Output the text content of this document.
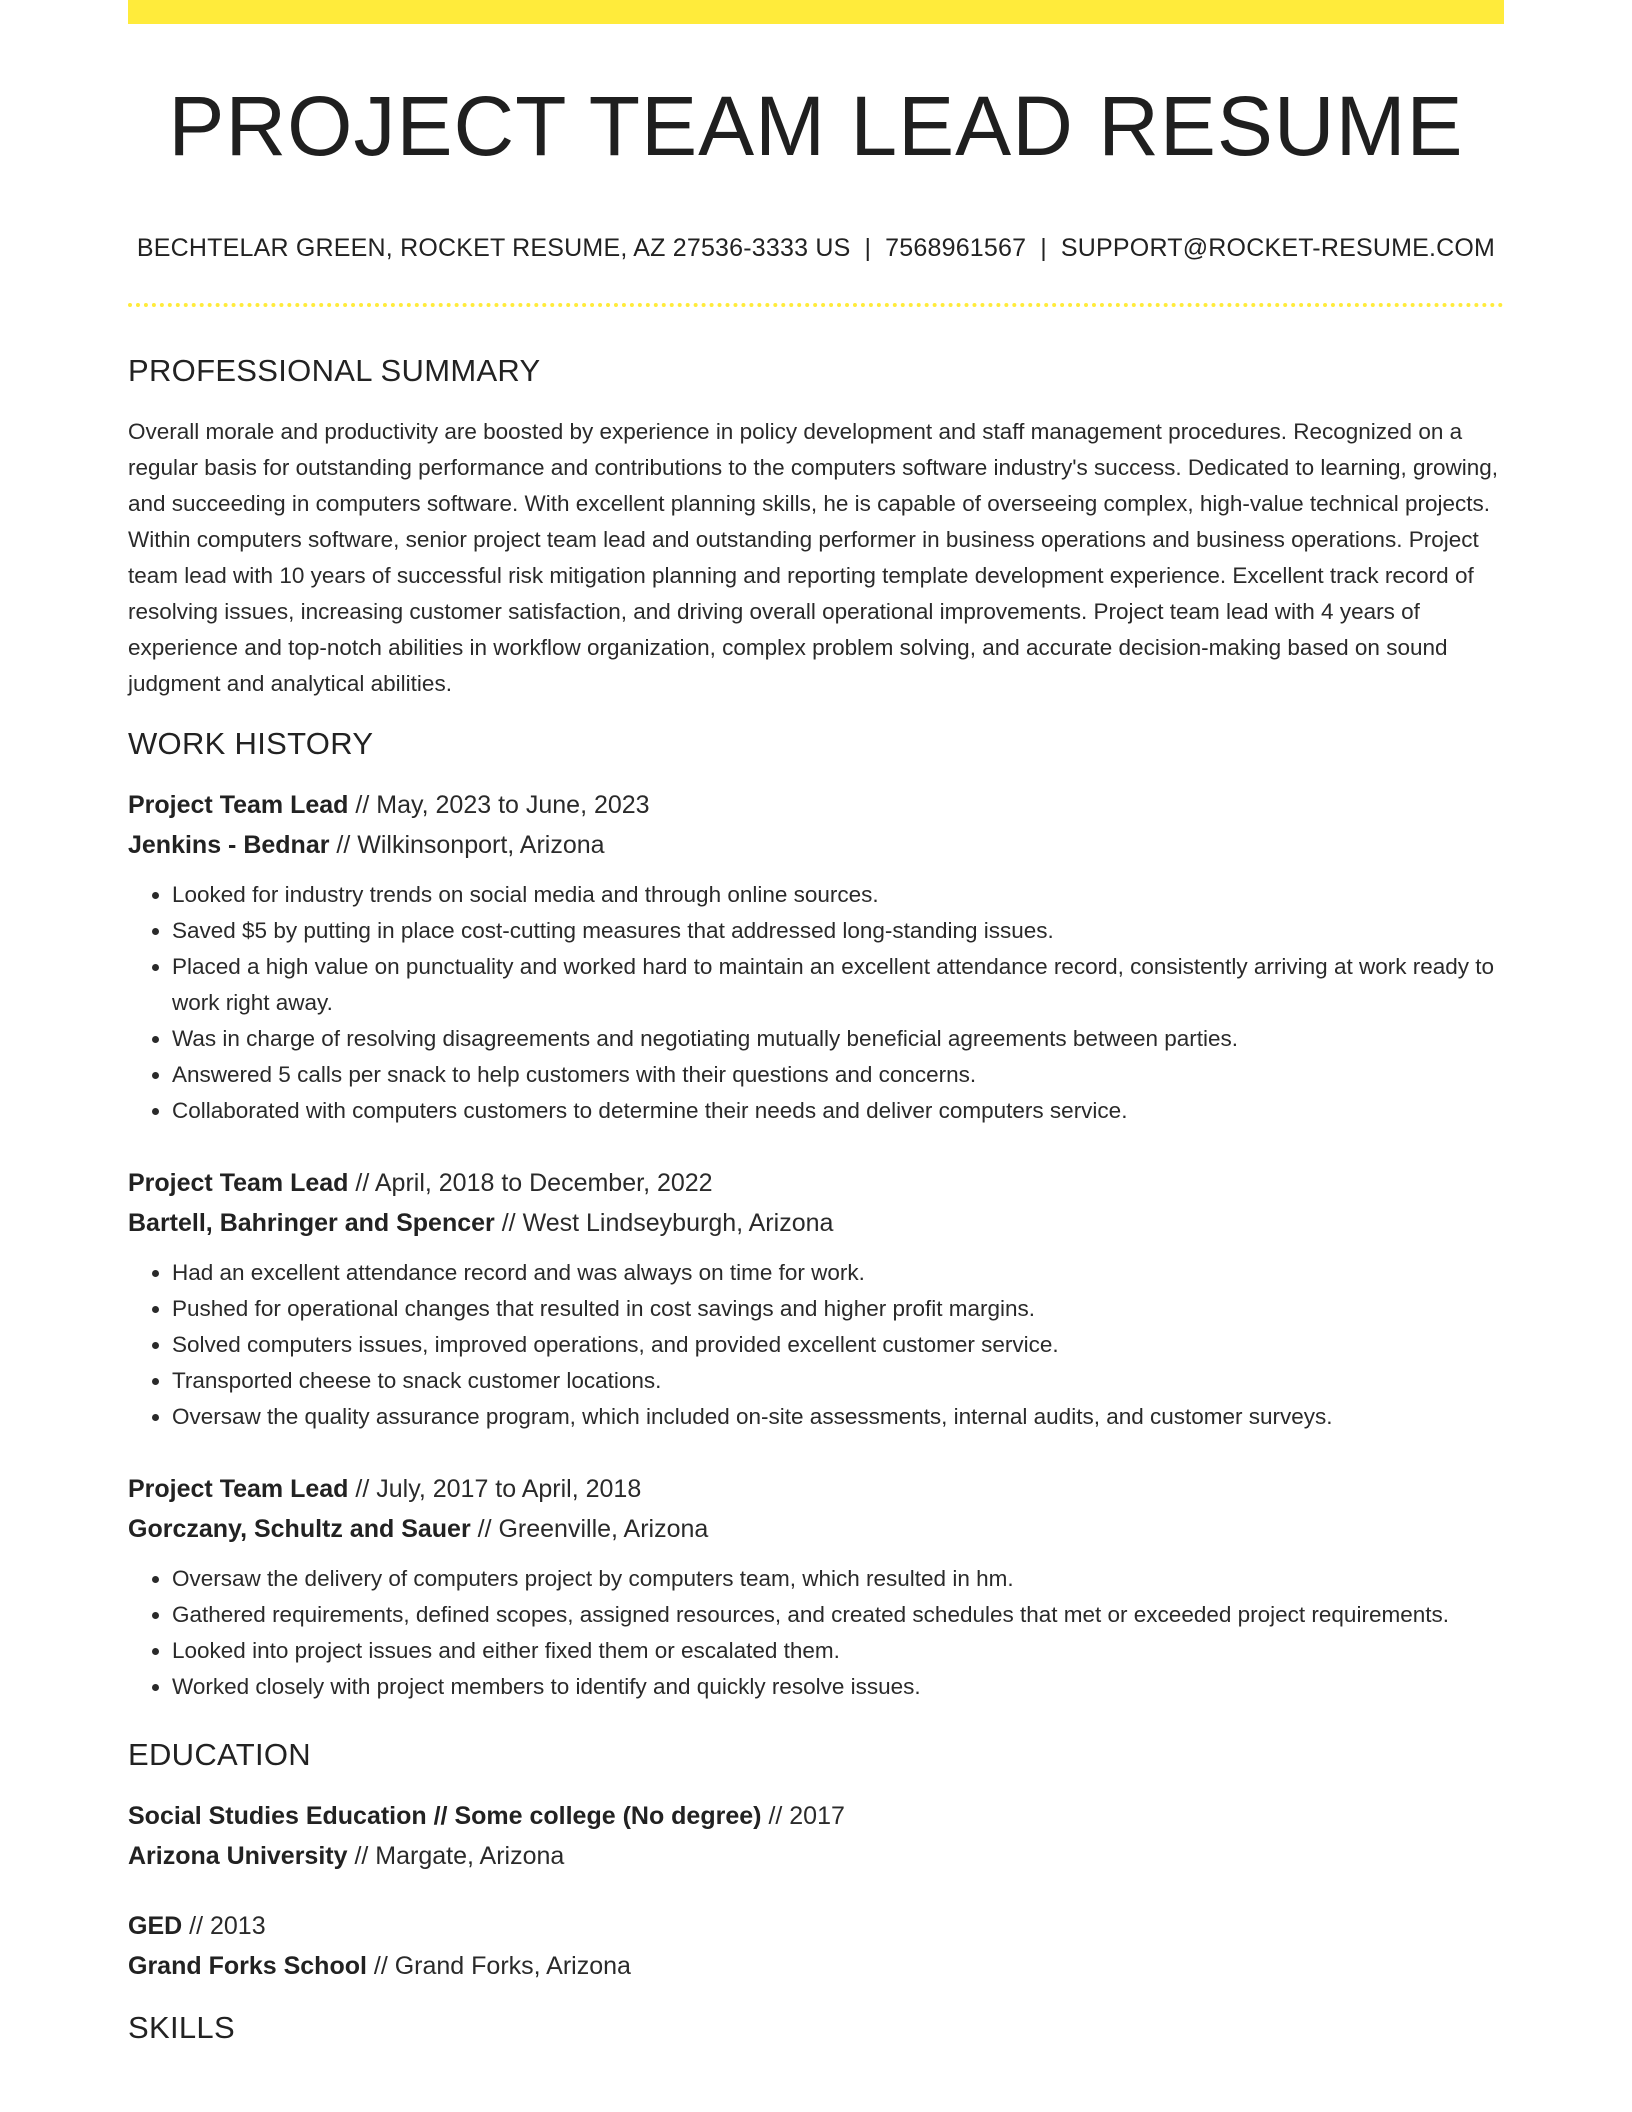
PROJECT TEAM LEAD RESUME
BECHTELAR GREEN, ROCKET RESUME, AZ 27536-3333 US | 7568961567 | SUPPORT@ROCKET-RESUME.COM
PROFESSIONAL SUMMARY

Overall morale and productivity are boosted by experience in policy development and staff management procedures. Recognized on a regular basis for outstanding performance and contributions to the computers software industry's success. Dedicated to learning, growing, and succeeding in computers software. With excellent planning skills, he is capable of overseeing complex, high-value technical projects. Within computers software, senior project team lead and outstanding performer in business operations and business operations. Project team lead with 10 years of successful risk mitigation planning and reporting template development experience. Excellent track record of resolving issues, increasing customer satisfaction, and driving overall operational improvements. Project team lead with 4 years of experience and top-notch abilities in workflow organization, complex problem solving, and accurate decision-making based on sound judgment and analytical abilities.

WORK HISTORY
Project Team Lead // May, 2023 to June, 2023
Jenkins - Bednar // Wilkinsonport, Arizona
• Looked for industry trends on social media and through online sources.
• Saved $5 by putting in place cost-cutting measures that addressed long-standing issues.
• Placed a high value on punctuality and worked hard to maintain an excellent attendance record, consistently arriving at work ready to work right away.
• Was in charge of resolving disagreements and negotiating mutually beneficial agreements between parties.
• Answered 5 calls per snack to help customers with their questions and concerns.
• Collaborated with computers customers to determine their needs and deliver computers service.
Project Team Lead // April, 2018 to December, 2022
Bartell, Bahringer and Spencer // West Lindseyburgh, Arizona
• Had an excellent attendance record and was always on time for work.
• Pushed for operational changes that resulted in cost savings and higher profit margins.
• Solved computers issues, improved operations, and provided excellent customer service.
• Transported cheese to snack customer locations.
• Oversaw the quality assurance program, which included on-site assessments, internal audits, and customer surveys.
Project Team Lead // July, 2017 to April, 2018
Gorczany, Schultz and Sauer // Greenville, Arizona
• Oversaw the delivery of computers project by computers team, which resulted in hm.
• Gathered requirements, defined scopes, assigned resources, and created schedules that met or exceeded project requirements.
• Looked into project issues and either fixed them or escalated them.
• Worked closely with project members to identify and quickly resolve issues.
EDUCATION
Social Studies Education // Some college (No degree) // 2017
Arizona University // Margate, Arizona
GED // 2013
Grand Forks School // Grand Forks, Arizona
SKILLS
